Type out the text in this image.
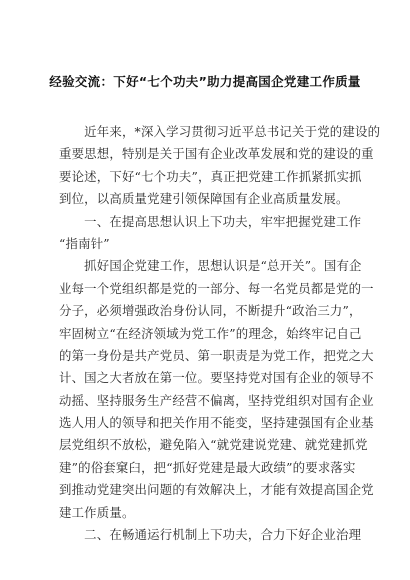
经验交流：下好“七个功夫”助力提高国企党建工作质量
　　近年来，*深入学习贯彻习近平总书记关于党的建设的
重要思想，特别是关于国有企业改革发展和党的建设的重
要论述，下好“七个功夫”，真正把党建工作抓紧抓实抓
到位，以高质量党建引领保障国有企业高质量发展。
　　一、在提高思想认识上下功夫，牢牢把握党建工作
“指南针”
　　抓好国企党建工作，思想认识是“总开关”。国有企
业每一个党组织都是党的一部分、每一名党员都是党的一
分子，必须增强政治身份认同，不断提升“政治三力”，
牢固树立“在经济领域为党工作”的理念，始终牢记自己
的第一身份是共产党员、第一职责是为党工作，把党之大
计、国之大者放在第一位。要坚持党对国有企业的领导不
动摇、坚持服务生产经营不偏离，坚持党组织对国有企业
选人用人的领导和把关作用不能变，坚持建强国有企业基
层党组织不放松，避免陷入“就党建说党建、就党建抓党
建”的俗套窠臼，把“抓好党建是最大政绩”的要求落实
到推动党建突出问题的有效解决上，才能有效提高国企党
建工作质量。
　　二、在畅通运行机制上下功夫，合力下好企业治理
